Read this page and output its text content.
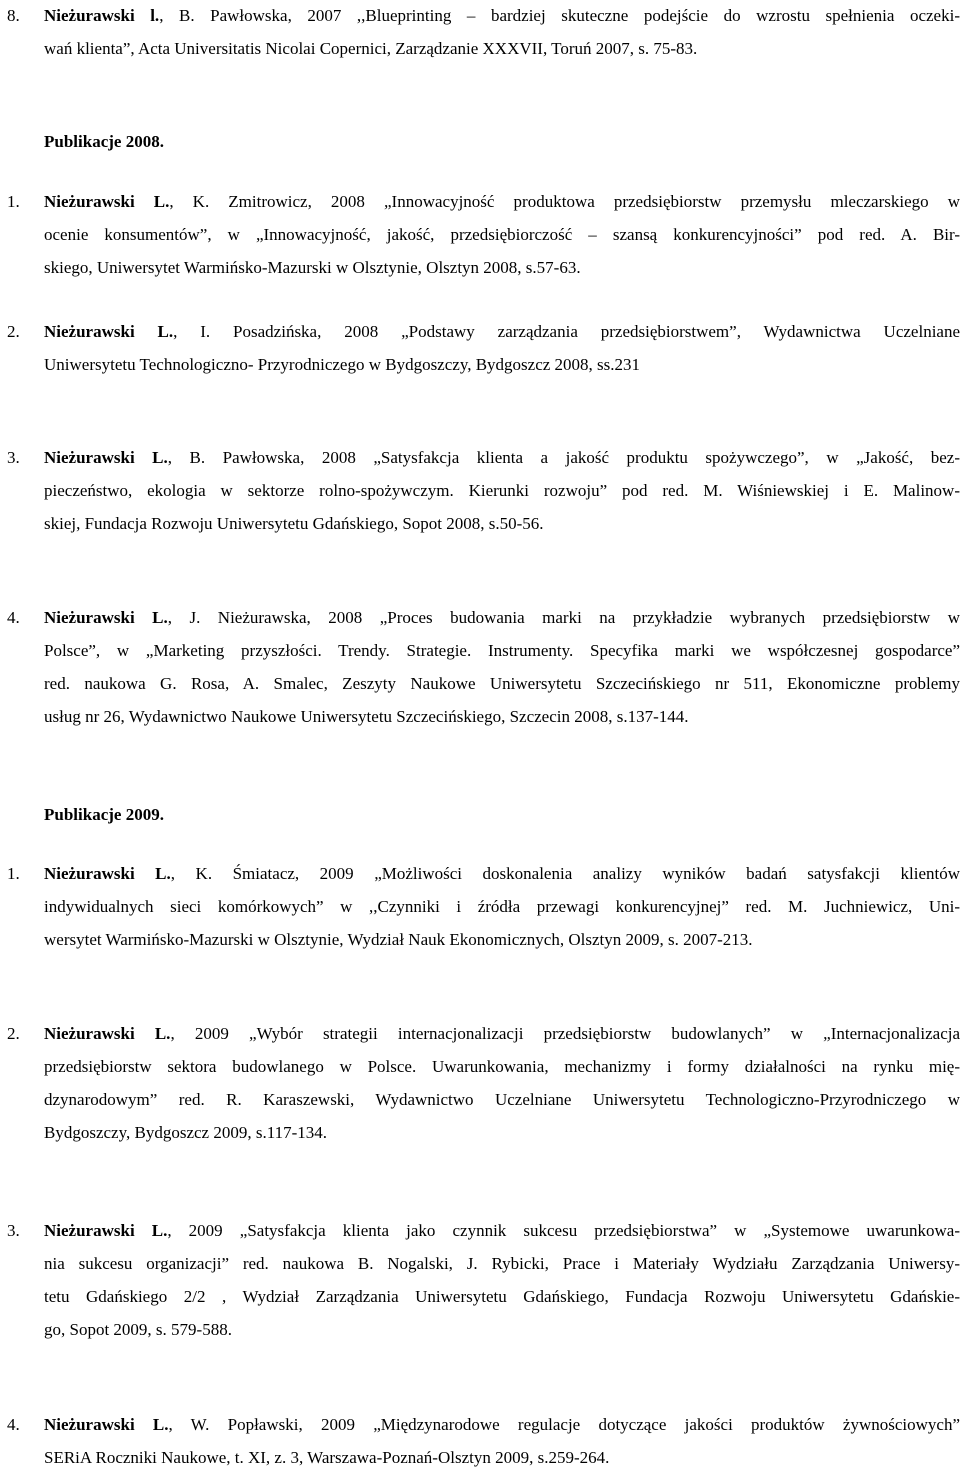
8. Nieżurawski l., B. Pawłowska, 2007 ,,Blueprinting – bardziej skuteczne podejście do wzrostu spełnienia oczeki-
wań klienta”, Acta Universitatis Nicolai Copernici, Zarządzanie XXXVII, Toruń 2007, s. 75-83.
Publikacje 2008.
1. Nieżurawski L., K. Zmitrowicz, 2008 „Innowacyjność produktowa przedsiębiorstw przemysłu mleczarskiego w
ocenie konsumentów”, w „Innowacyjność, jakość, przedsiębiorczość – szansą konkurencyjności” pod red. A. Bir-
skiego, Uniwersytet Warmińsko-Mazurski w Olsztynie, Olsztyn 2008, s.57-63.
2. Nieżurawski L., I. Posadzińska, 2008 „Podstawy zarządzania przedsiębiorstwem”, Wydawnictwa Uczelniane
Uniwersytetu Technologiczno- Przyrodniczego w Bydgoszczy, Bydgoszcz 2008, ss.231
3. Nieżurawski L., B. Pawłowska, 2008 „Satysfakcja klienta a jakość produktu spożywczego”, w „Jakość, bez-
pieczeństwo, ekologia w sektorze rolno-spożywczym. Kierunki rozwoju” pod red. M. Wiśniewskiej i E. Malinow-
skiej, Fundacja Rozwoju Uniwersytetu Gdańskiego, Sopot 2008, s.50-56.
4. Nieżurawski L., J. Nieżurawska, 2008 „Proces budowania marki na przykładzie wybranych przedsiębiorstw w
Polsce”, w „Marketing przyszłości. Trendy. Strategie. Instrumenty. Specyfika marki we współczesnej gospodarce”
red. naukowa G. Rosa, A. Smalec, Zeszyty Naukowe Uniwersytetu Szczecińskiego nr 511, Ekonomiczne problemy
usług nr 26, Wydawnictwo Naukowe Uniwersytetu Szczecińskiego, Szczecin 2008, s.137-144.
Publikacje 2009.
1. Nieżurawski L., K. Śmiatacz, 2009 „Możliwości doskonalenia analizy wyników badań satysfakcji klientów
indywidualnych sieci komórkowych” w ,,Czynniki i źródła przewagi konkurencyjnej” red. M. Juchniewicz, Uni-
wersytet Warmińsko-Mazurski w Olsztynie, Wydział Nauk Ekonomicznych, Olsztyn 2009, s. 2007-213.
2. Nieżurawski L., 2009 „Wybór strategii internacjonalizacji przedsiębiorstw budowlanych” w „Internacjonalizacja
przedsiębiorstw sektora budowlanego w Polsce. Uwarunkowania, mechanizmy i formy działalności na rynku mię-
dzynarodowym” red. R. Karaszewski, Wydawnictwo Uczelniane Uniwersytetu Technologiczno-Przyrodniczego w
Bydgoszczy, Bydgoszcz 2009, s.117-134.
3. Nieżurawski L., 2009 „Satysfakcja klienta jako czynnik sukcesu przedsiębiorstwa” w „Systemowe uwarunkowa-
nia sukcesu organizacji” red. naukowa B. Nogalski, J. Rybicki, Prace i Materiały Wydziału Zarządzania Uniwersy-
tetu Gdańskiego 2/2 , Wydział Zarządzania Uniwersytetu Gdańskiego, Fundacja Rozwoju Uniwersytetu Gdańskie-
go, Sopot 2009, s. 579-588.
4. Nieżurawski L., W. Popławski, 2009 „Międzynarodowe regulacje dotyczące jakości produktów żywnościowych”
SERiA Roczniki Naukowe, t. XI, z. 3, Warszawa-Poznań-Olsztyn 2009, s.259-264.
